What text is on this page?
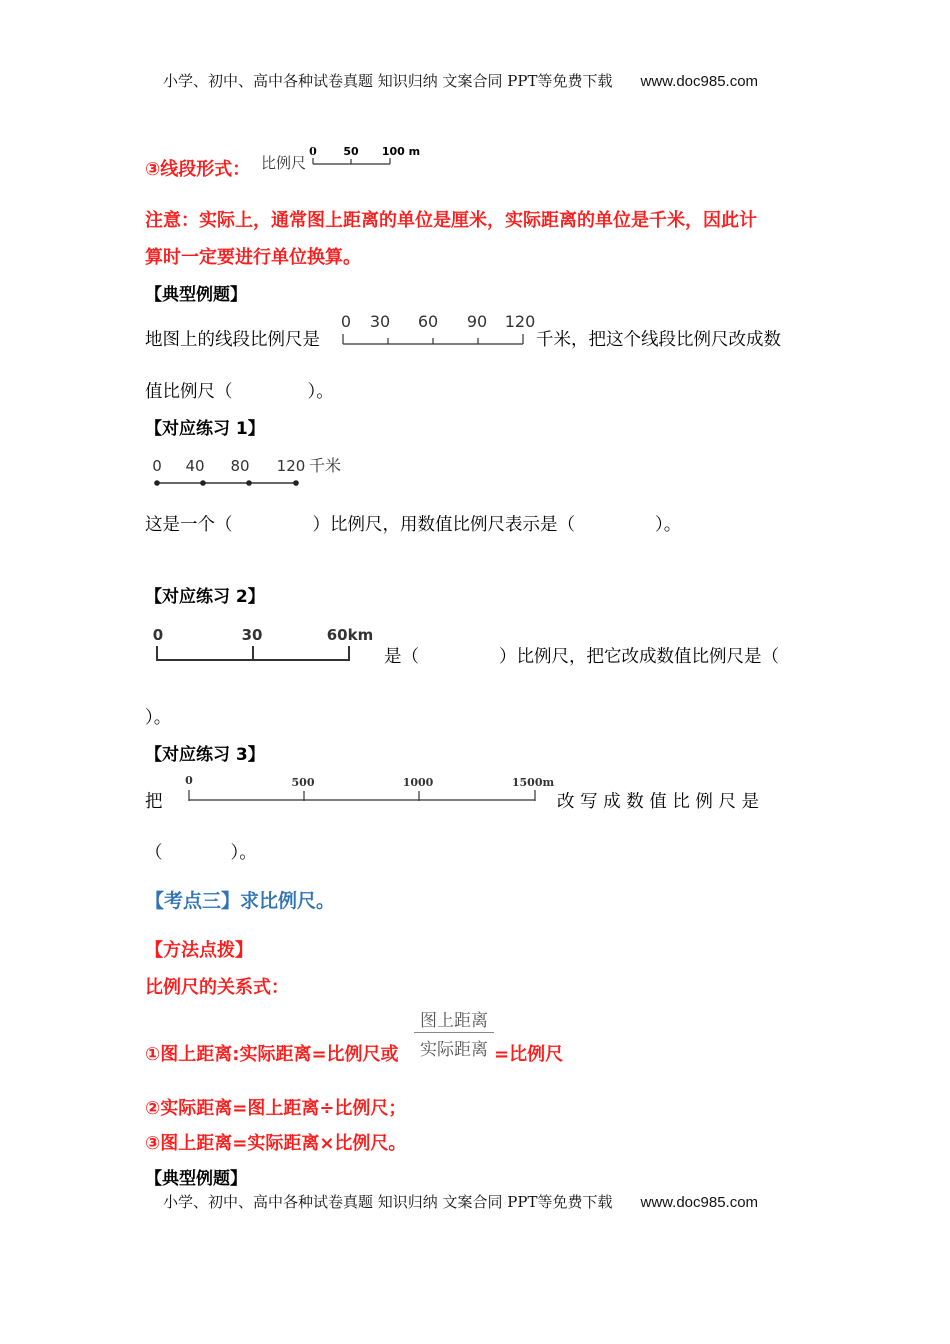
小学、初中、高中各种试卷真题 知识归纳 文案合同 PPT等免费下载 www.doc985.com
③线段形式： 比例尺
0 50 100 m
注意：实际上，通常图上距离的单位是厘米，实际距离的单位是千米，因此计
算时一定要进行单位换算。
【典型例题】
地图上的线段比例尺是
0 30 60 90 120
千米，把这个线段比例尺改成数
值比例尺（	）。
【对应练习 1】
0 40 80 120 千米
这是一个（	）比例尺，用数值比例尺表示是（	）。
【对应练习 2】
0	30	60km
是（	）比例尺，把它改成数值比例尺是（
）。
【对应练习 3】
把
0	500	1000	1500m
改 写 成 数 值 比 例 尺 是
（	）。
【考点三】求比例尺。
【方法点拨】
比例尺的关系式：
①图上距离:实际距离=比例尺或
图上距离
实际距离 =比例尺
②实际距离=图上距离÷比例尺；
③图上距离=实际距离×比例尺。
【典型例题】
小学、初中、高中各种试卷真题 知识归纳 文案合同 PPT等免费下载 www.doc985.com
